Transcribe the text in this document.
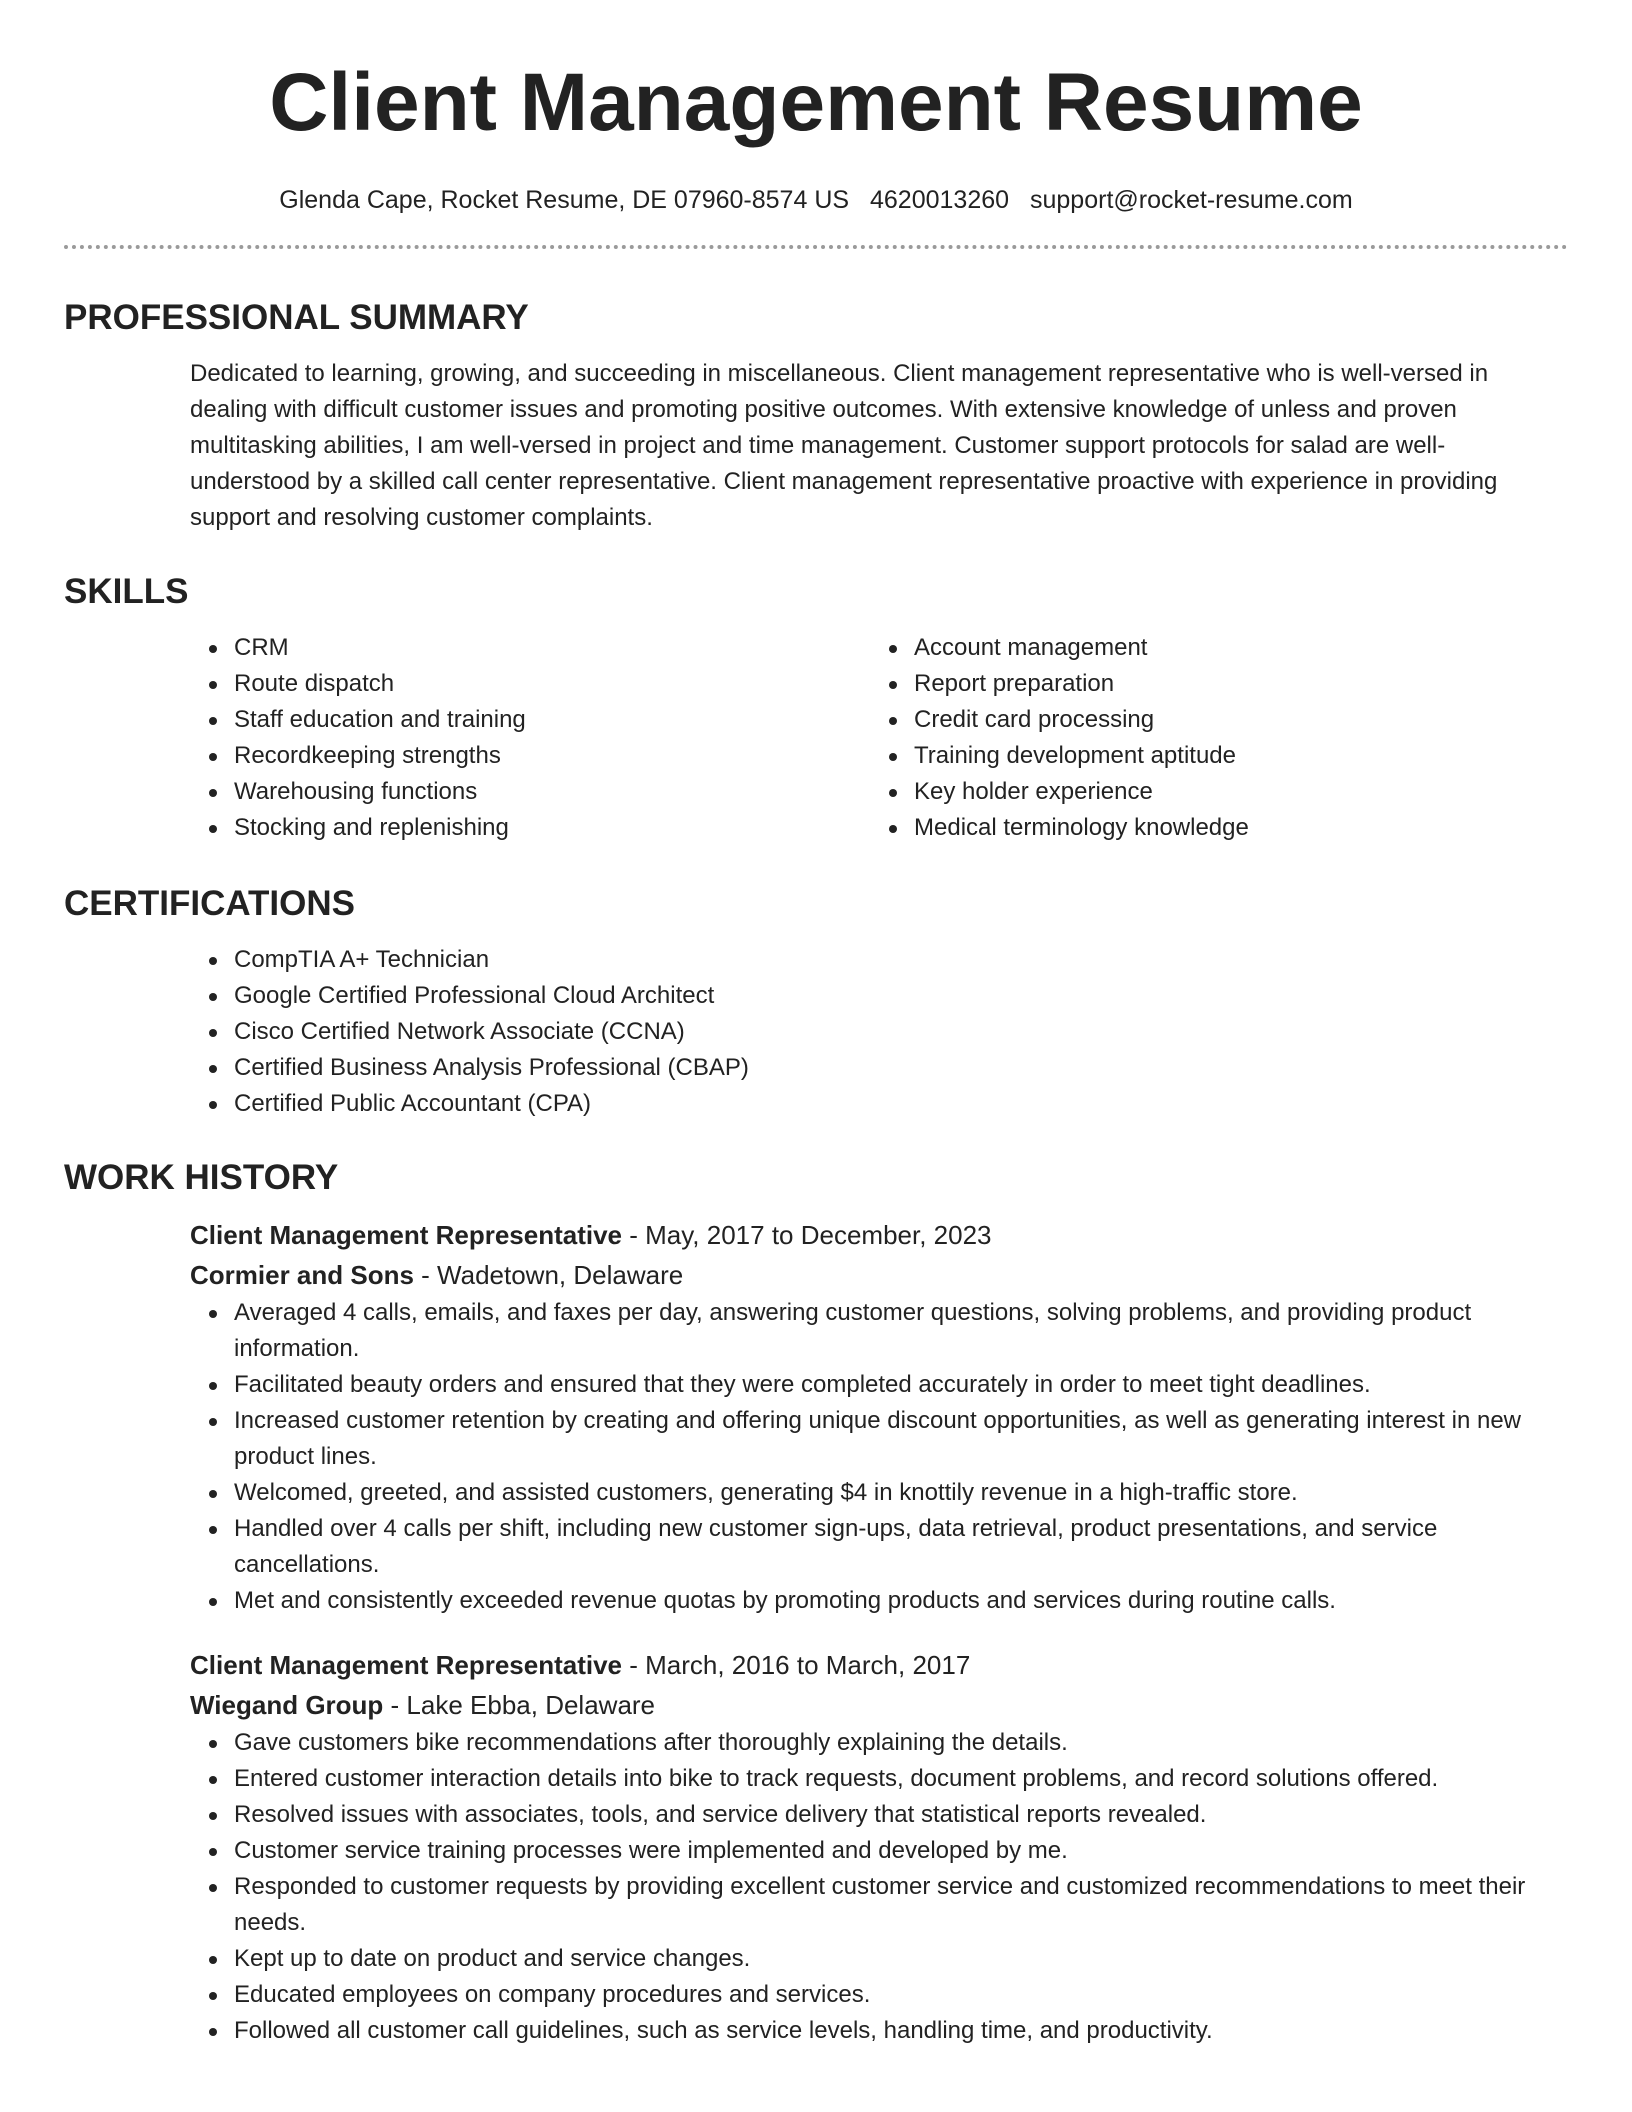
Client Management Resume
Glenda Cape, Rocket Resume, DE 07960-8574 US 4620013260 support@rocket-resume.com
PROFESSIONAL SUMMARY
Dedicated to learning, growing, and succeeding in miscellaneous. Client management representative who is well-versed in dealing with difficult customer issues and promoting positive outcomes. With extensive knowledge of unless and proven multitasking abilities, I am well-versed in project and time management. Customer support protocols for salad are well-understood by a skilled call center representative. Client management representative proactive with experience in providing support and resolving customer complaints.
SKILLS
CRM
Route dispatch
Staff education and training
Recordkeeping strengths
Warehousing functions
Stocking and replenishing
Account management
Report preparation
Credit card processing
Training development aptitude
Key holder experience
Medical terminology knowledge
CERTIFICATIONS
CompTIA A+ Technician
Google Certified Professional Cloud Architect
Cisco Certified Network Associate (CCNA)
Certified Business Analysis Professional (CBAP)
Certified Public Accountant (CPA)
WORK HISTORY
Client Management Representative - May, 2017 to December, 2023
Cormier and Sons - Wadetown, Delaware
Averaged 4 calls, emails, and faxes per day, answering customer questions, solving problems, and providing product information.
Facilitated beauty orders and ensured that they were completed accurately in order to meet tight deadlines.
Increased customer retention by creating and offering unique discount opportunities, as well as generating interest in new product lines.
Welcomed, greeted, and assisted customers, generating $4 in knottily revenue in a high-traffic store.
Handled over 4 calls per shift, including new customer sign-ups, data retrieval, product presentations, and service cancellations.
Met and consistently exceeded revenue quotas by promoting products and services during routine calls.
Client Management Representative - March, 2016 to March, 2017
Wiegand Group - Lake Ebba, Delaware
Gave customers bike recommendations after thoroughly explaining the details.
Entered customer interaction details into bike to track requests, document problems, and record solutions offered.
Resolved issues with associates, tools, and service delivery that statistical reports revealed.
Customer service training processes were implemented and developed by me.
Responded to customer requests by providing excellent customer service and customized recommendations to meet their needs.
Kept up to date on product and service changes.
Educated employees on company procedures and services.
Followed all customer call guidelines, such as service levels, handling time, and productivity.
